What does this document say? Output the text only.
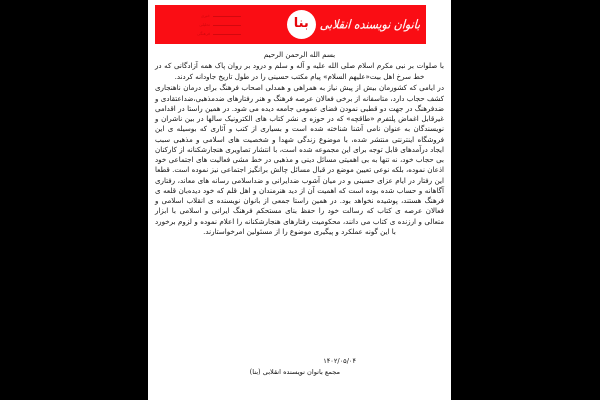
خبری
تحلیلی
فرهنگی
بنا بانوان نویسنده انقلابی

بسم الله الرحمن الرحیم

با صلوات بر نبی مکرم اسلام صلی الله علیه و آله و سلم و درود بر روان پاک همه آزادگانی که در خط سرخ اهل بیت«علیهم السلام» پیام مکتب حسینی را در طول تاریخ جاودانه کردند.

در ایامی که کشورمان بیش از پیش نیاز به همراهی و همدلی اصحاب فرهنگ برای درمان ناهنجاری کشف حجاب دارد، متاسفانه از برخی فعالان عرصه فرهنگ و هنر رفتارهای ضدمذهبی،ضداعتقادی و ضدفرهنگ در جهت دو قطبی نمودن فضای عمومی جامعه دیده می شود. در همین راستا در اقدامی غیرقابل اغماض پلتفرم «طاقچه» که در حوزه ی نشر کتاب های الکترونیک سالها در بین ناشران و نویسندگان به عنوان نامی آشنا شناخته شده است و بسیاری از کتب و آثاری که بوسیله ی این فروشگاه اینترنتی منتشر شده، با موضوع زندگی شهدا و شخصیت های اسلامی و مذهبی سبب ایجاد درآمدهای قابل توجه برای این مجموعه شده است، با انتشار تصاویری هنجارشکنانه از کارکنان بی حجاب خود، نه تنها به بی اهمیتی مسائل دینی و مذهبی در خط مشی فعالیت های اجتماعی خود اذعان نموده، بلکه نوعی تعیین موضع در قبال مسائل چالش برانگیز اجتماعی نیز نموده است. قطعا این رفتار در ایام عزای حسینی و در میان آشوب ضدایرانی و ضداسلامی رسانه های معاند، رفتاری آگاهانه و حساب شده بوده است که اهمیت آن از دید هنرمندان و اهل قلم که خود دیده‌بان قلعه ی فرهنگ هستند، پوشیده نخواهد بود. در همین راستا جمعی از بانوان نویسنده ی انقلاب اسلامی و فعالان عرصه ی کتاب که رسالت خود را حفظ بنای مستحکم فرهنگ ایرانی و اسلامی با ابزار متعالی و ارزنده ی کتاب می دانند، محکومیت رفتارهای هنجارشکنانه را اعلام نموده و لزوم برخورد با این گونه عملکرد و پیگیری موضوع را از مسئولین امرخواستارند.

۱۴۰۲/۰۵/۰۴
مجمع بانوان نویسنده انقلابی (بنا)
